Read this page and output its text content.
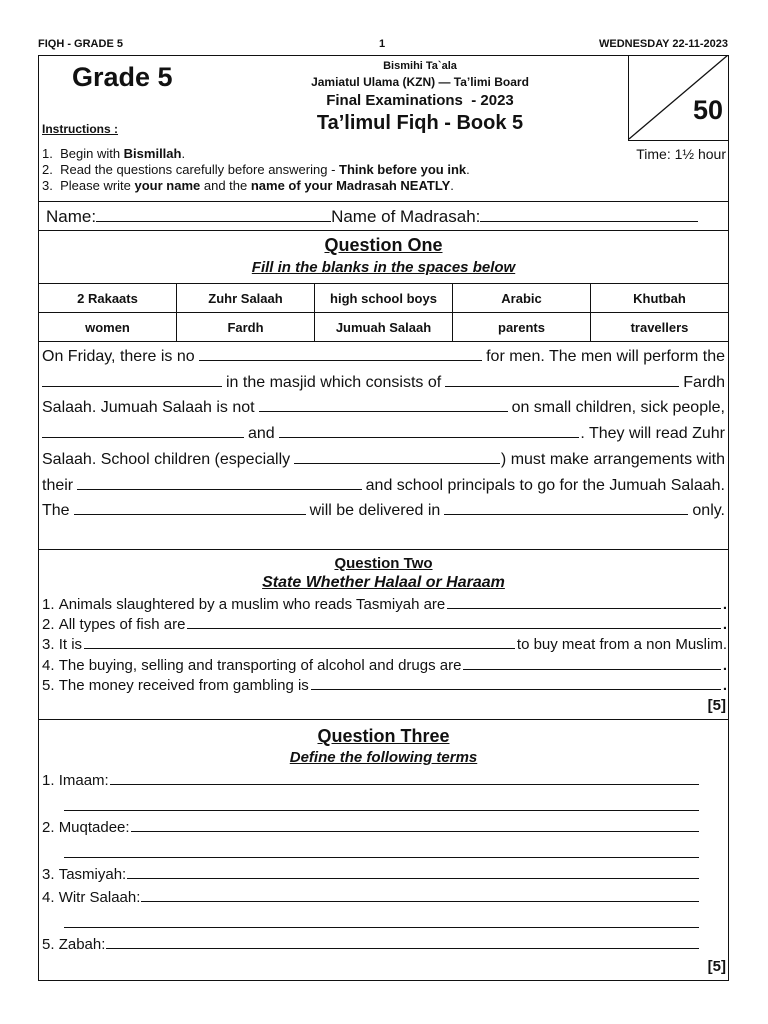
FIQH - GRADE 5	1	WEDNESDAY 22-11-2023
Grade 5
Instructions :
Bismihi Ta`ala
Jamiatul Ulama (KZN) — Ta’limi Board
Final Examinations  - 2023
Ta’limul Fiqh - Book 5	50
Time: 1½ hour
1. Begin with Bismillah.
2. Read the questions carefully before answering - Think before you ink.
3. Please write your name and the name of your Madrasah NEATLY.
Name:	Name of Madrasah:
Question One
Fill in the blanks in the spaces below
2 Rakaats	Zuhr Salaah	high school boys	Arabic	Khutbah
women	Fardh	Jumuah Salaah	parents	travellers
On Friday, there is no	for men. The men will perform the
in the masjid which consists of	Fardh
Salaah. Jumuah Salaah is not	on small children, sick people,
and	. They will read Zuhr
Salaah. School children (especially	) must make arrangements with
their	and school principals to go for the Jumuah Salaah.
The	will be delivered in	only.
Question Two
State Whether Halaal or Haraam
1.
Animals slaughtered by a muslim who reads Tasmiyah are	.
2.
All types of fish are	.
3.
It is	to buy meat from a non Muslim.
4.
The buying, selling and transporting of alcohol and drugs are	.
5.
The money received from gambling is	.
[5]
Question Three
Define the following terms
1.
Imaam:
2.
Muqtadee:
3.
Tasmiyah:
4.
Witr Salaah:
5.
Zabah:
[5]
